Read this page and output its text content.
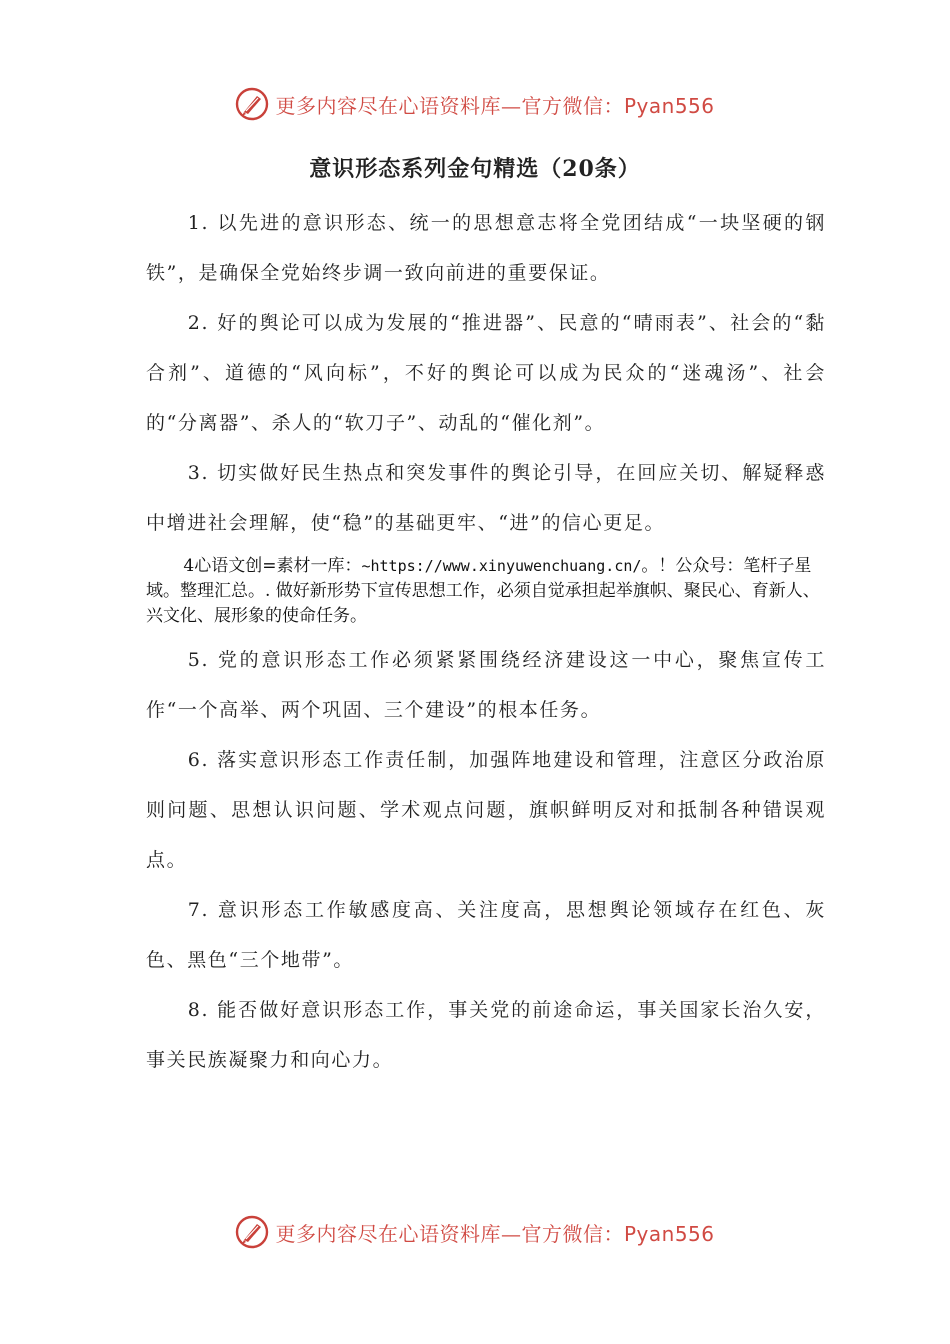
更多内容尽在心语资料库—官方微信：Pyan556
意识形态系列金句精选（20条）

1. 以先进的意识形态、统一的思想意志将全党团结成“一块坚硬的钢铁”，是确保全党始终步调一致向前进的重要保证。

2. 好的舆论可以成为发展的“推进器”、民意的“晴雨表”、社会的“黏合剂”、道德的“风向标”，不好的舆论可以成为民众的“迷魂汤”、社会的“分离器”、杀人的“软刀子”、动乱的“催化剂”。

3. 切实做好民生热点和突发事件的舆论引导，在回应关切、解疑释惑中增进社会理解，使“稳”的基础更牢、“进”的信心更足。

4心语文创=素材一库：~https://www.xinyuwenchuang.cn/。！公众号：笔杆子星域。整理汇总。. 做好新形势下宣传思想工作，必须自觉承担起举旗帜、聚民心、育新人、兴文化、展形象的使命任务。

5. 党的意识形态工作必须紧紧围绕经济建设这一中心，聚焦宣传工作“一个高举、两个巩固、三个建设”的根本任务。

6. 落实意识形态工作责任制，加强阵地建设和管理，注意区分政治原则问题、思想认识问题、学术观点问题，旗帜鲜明反对和抵制各种错误观点。

7. 意识形态工作敏感度高、关注度高，思想舆论领域存在红色、灰色、黑色“三个地带”。

8. 能否做好意识形态工作，事关党的前途命运，事关国家长治久安，事关民族凝聚力和向心力。

更多内容尽在心语资料库—官方微信：Pyan556
